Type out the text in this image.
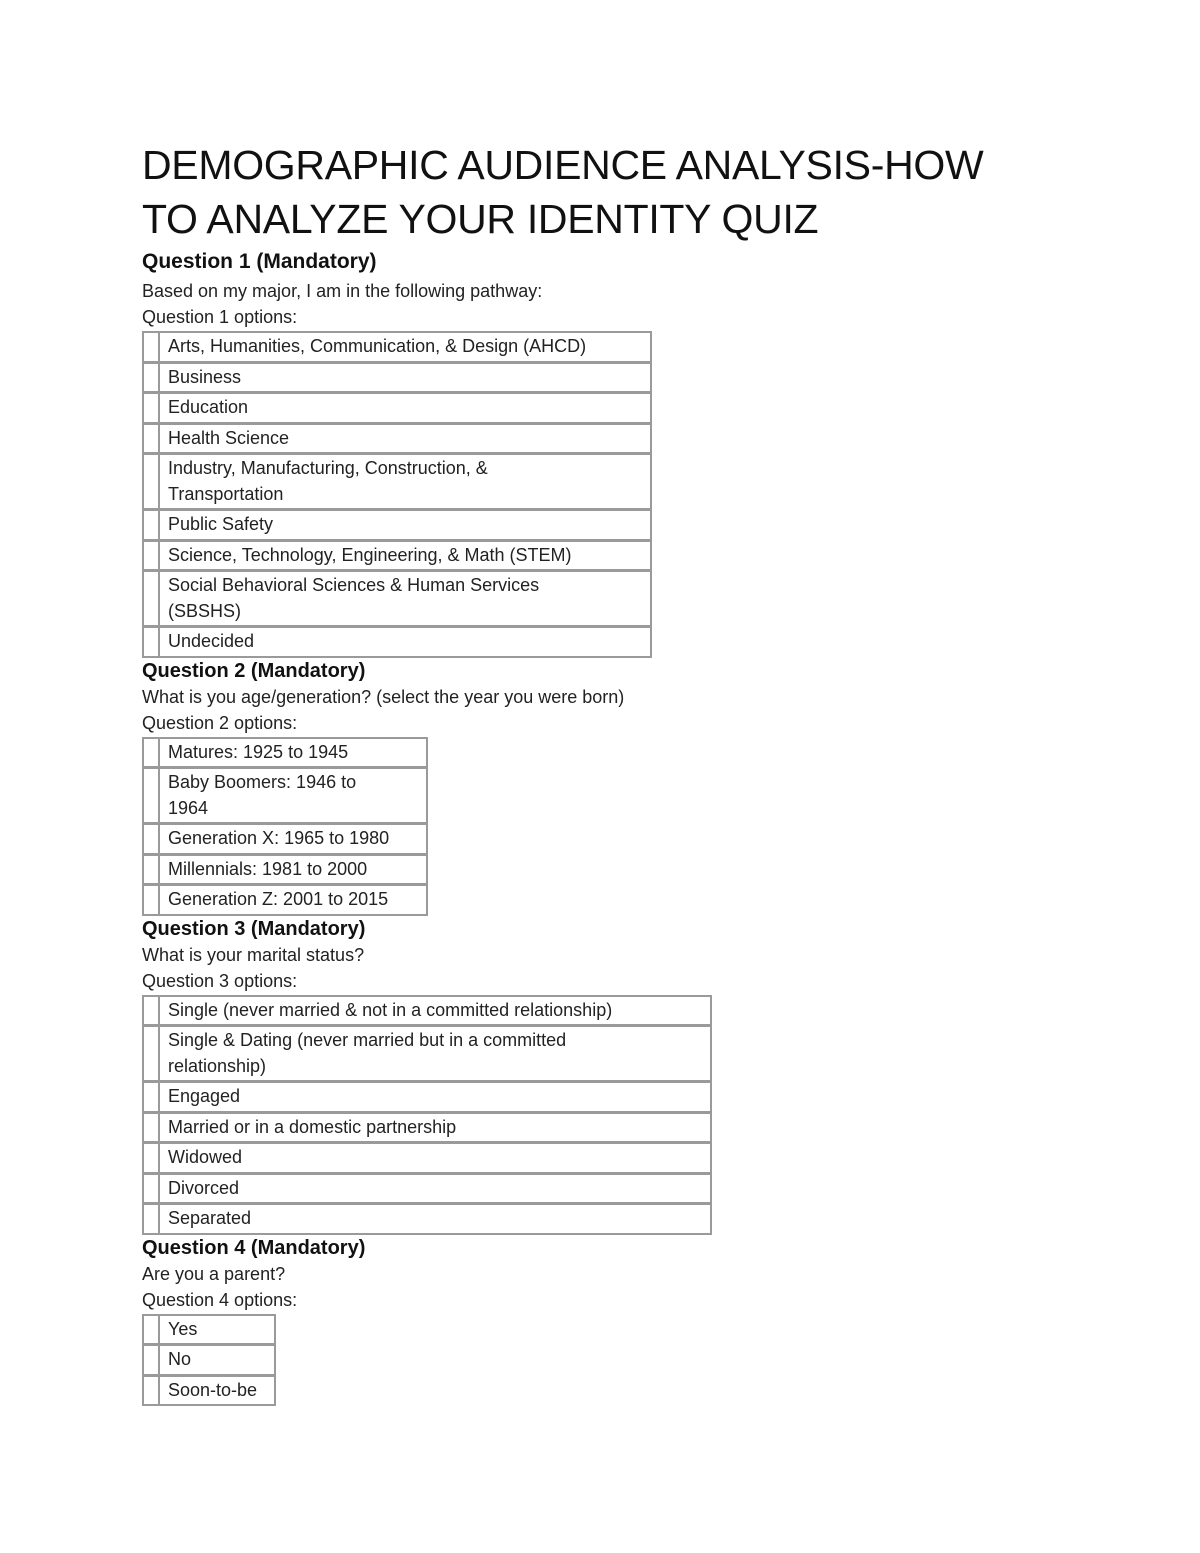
DEMOGRAPHIC AUDIENCE ANALYSIS-HOW TO ANALYZE YOUR IDENTITY QUIZ
Question 1 (Mandatory)
Based on my major, I am in the following pathway:
Question 1 options:
	Arts, Humanities, Communication, & Design (AHCD)
	Business
	Education
	Health Science
	Industry, Manufacturing, Construction, & Transportation
	Public Safety
	Science, Technology, Engineering, & Math (STEM)
	Social Behavioral Sciences & Human Services (SBSHS)
	Undecided
Question 2 (Mandatory)
What is you age/generation? (select the year you were born)
Question 2 options:
	Matures: 1925 to 1945
	Baby Boomers: 1946 to 1964
	Generation X: 1965 to 1980
	Millennials: 1981 to 2000
	Generation Z: 2001 to 2015
Question 3 (Mandatory)
What is your marital status?
Question 3 options:
	Single (never married & not in a committed relationship)
	Single & Dating (never married but in a committed relationship)
	Engaged
	Married or in a domestic partnership
	Widowed
	Divorced
	Separated
Question 4 (Mandatory)
Are you a parent?
Question 4 options:
	Yes
	No
	Soon-to-be
